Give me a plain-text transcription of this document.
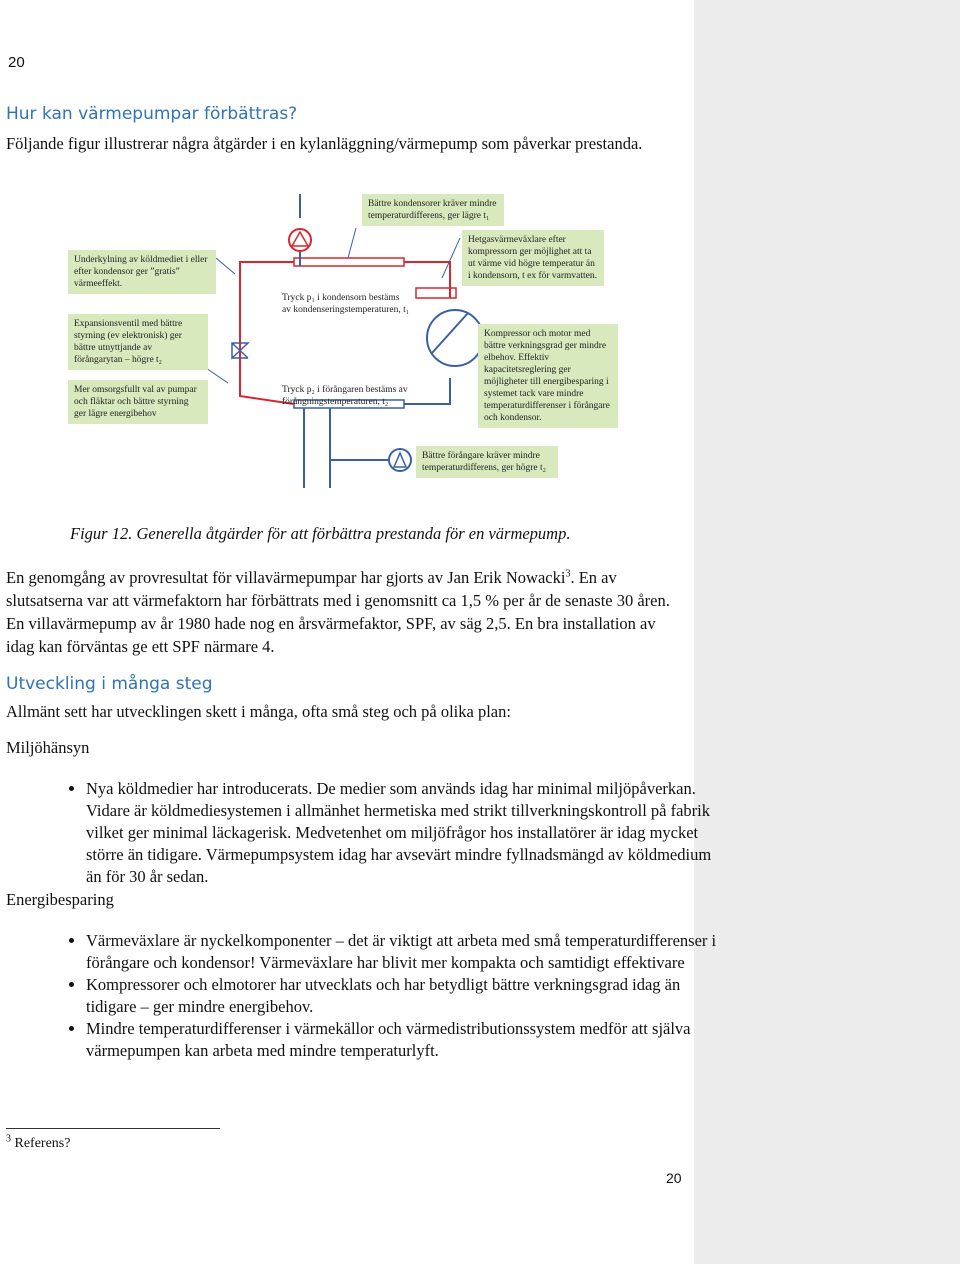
20
Hur kan värmepumpar förbättras?

Följande figur illustrerar några åtgärder i en kylanläggning/värmepump som påverkar prestanda.

Underkylning av köldmediet i eller efter kondensor ger ”gratis” värmeeffekt.
Expansionsventil med bättre styrning (ev elektronisk) ger bättre utnyttjande av förångarytan – högre t₂
Mer omsorgsfullt val av pumpar och fläktar och bättre styrning ger lägre energibehov
Bättre kondensorer kräver mindre temperaturdifferens, ger lägre t₁
Hetgasvärmeväxlare efter kompressorn ger möjlighet att ta ut värme vid högre temperatur än i kondensorn, t ex för varmvatten.
Kompressor och motor med bättre verkningsgrad ger mindre elbehov. Effektiv kapacitetsreglering ger möjligheter till energibesparing i systemet tack vare mindre temperaturdifferenser i förångare och kondensor.
Bättre förångare kräver mindre temperaturdifferens, ger högre t₂
Tryck p₁ i kondensorn bestäms av kondenseringstemperaturen, t₁
Tryck p₂ i förångaren bestäms av förångningstemperaturen, t₂
Figur 12. Generella åtgärder för att förbättra prestanda för en värmepump.

En genomgång av provresultat för villavärmepumpar har gjorts av Jan Erik Nowacki$^3$. En av slutsatserna var att värmefaktorn har förbättrats med i genomsnitt ca 1,5 % per år de senaste 30 åren. En villavärmepump av år 1980 hade nog en årsvärmefaktor, SPF, av säg 2,5. En bra installation av idag kan förväntas ge ett SPF närmare 4.

Utveckling i många steg

Allmänt sett har utvecklingen skett i många, ofta små steg och på olika plan:

Miljöhänsyn
• Nya köldmedier har introducerats. De medier som används idag har minimal miljöpåverkan. Vidare är köldmediesystemen i allmänhet hermetiska med strikt tillverkningskontroll på fabrik vilket ger minimal läckagerisk. Medvetenhet om miljöfrågor hos installatörer är idag mycket större än tidigare. Värmepumpsystem idag har avsevärt mindre fyllnadsmängd av köldmedium än för 30 år sedan.
Energibesparing
• Värmeväxlare är nyckelkomponenter – det är viktigt att arbeta med små temperaturdifferenser i förångare och kondensor! Värmeväxlare har blivit mer kompakta och samtidigt effektivare
• Kompressorer och elmotorer har utvecklats och har betydligt bättre verkningsgrad idag än tidigare – ger mindre energibehov.
• Mindre temperaturdifferenser i värmekällor och värmedistributionssystem medför att själva värmepumpen kan arbeta med mindre temperaturlyft.
$^3$ Referens?
20
